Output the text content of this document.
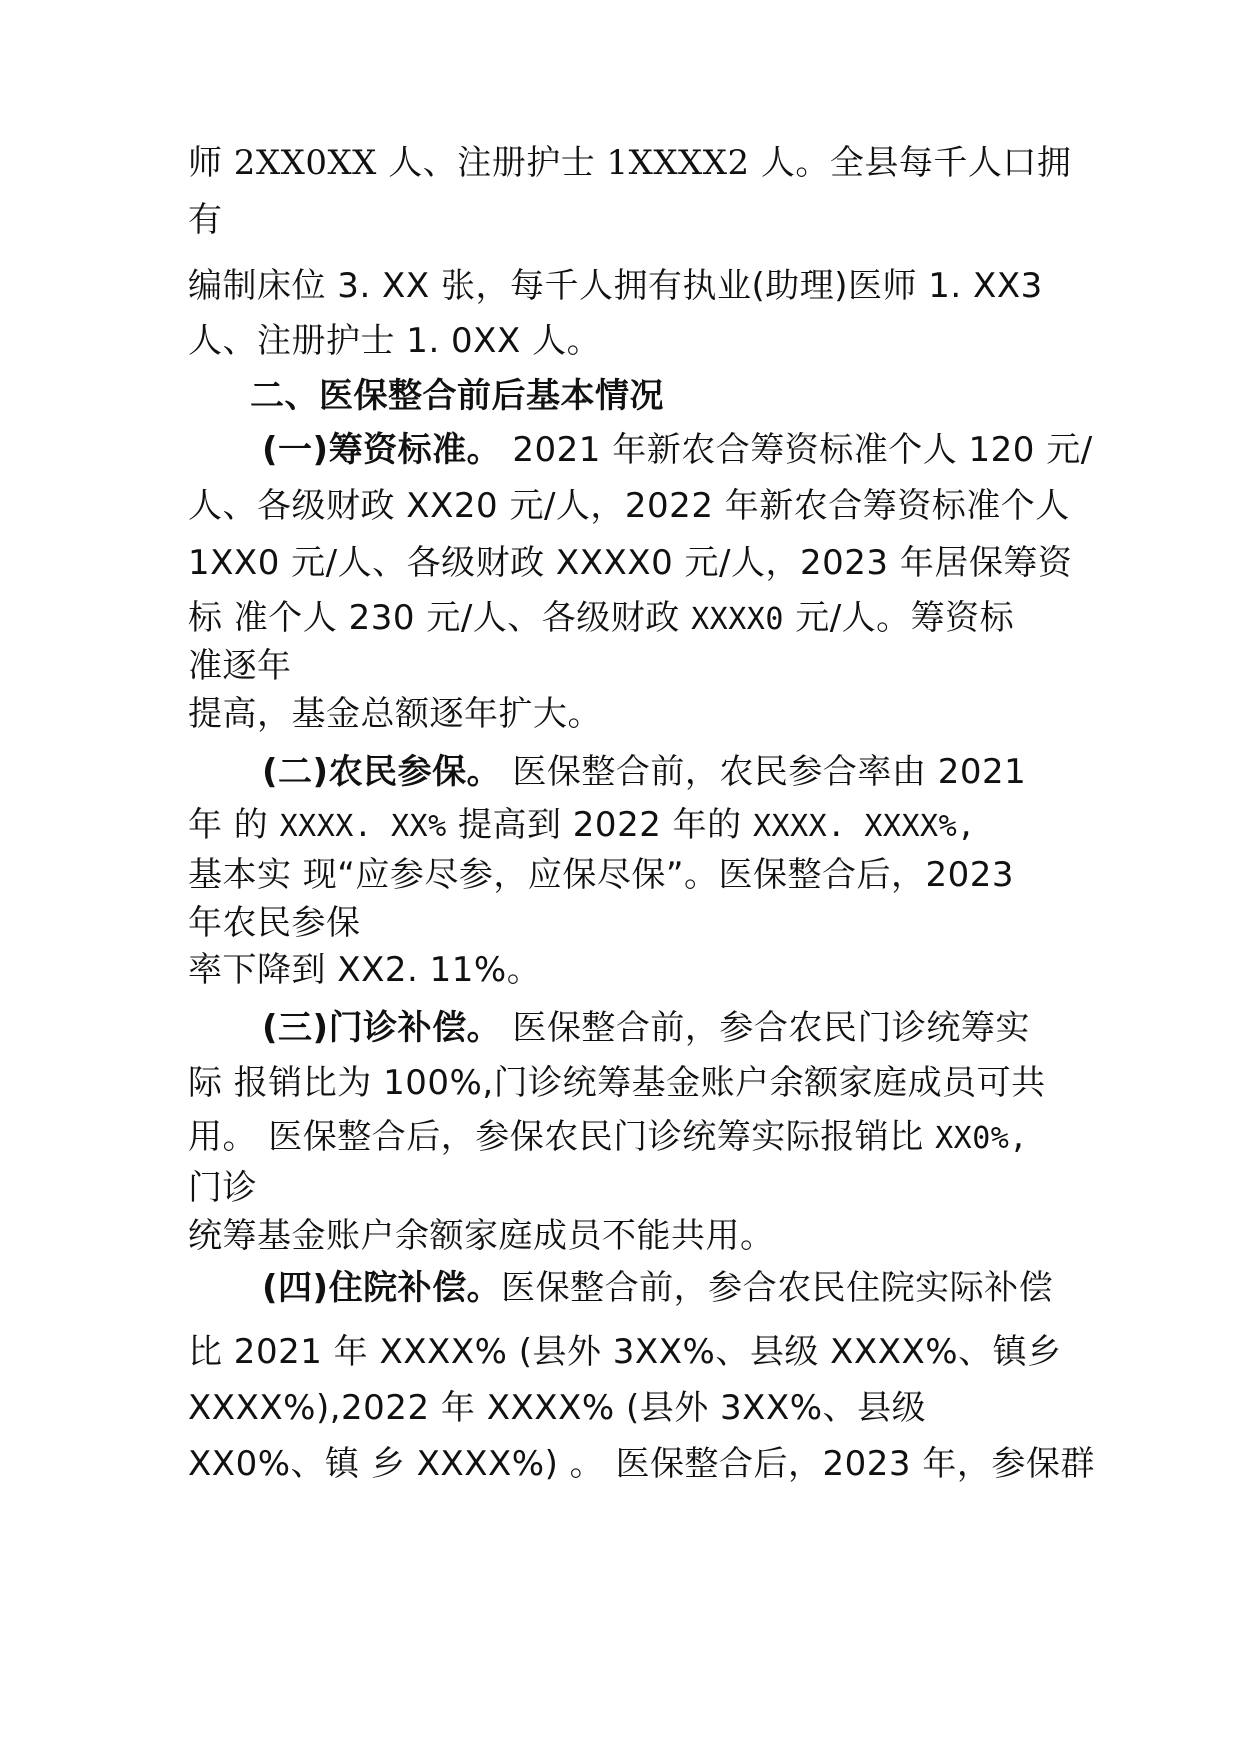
师 2XX0XX 人、注册护士 1XXXX2 人。全县每千人口拥
有
编制床位 3. XX 张，每千人拥有执业(助理)医师 1. XX3
人、注册护士 1. 0XX 人。
二、医保整合前后基本情况
(一)筹资标准。 2021 年新农合筹资标准个人 120 元/
人、各级财政 XX20 元/人，2022 年新农合筹资标准个人
1XX0 元/人、各级财政 XXXX0 元/人，2023 年居保筹资
标 准个人 230 元/人、各级财政 XXXX0 元/人。筹资标
准逐年
提高，基金总额逐年扩大。
(二)农民参保。 医保整合前，农民参合率由 2021
年 的 XXXX. XX% 提高到 2022 年的 XXXX. XXXX%,
基本实 现“应参尽参，应保尽保”。医保整合后，2023
年农民参保
率下降到 XX2. 11%。
(三)门诊补偿。 医保整合前，参合农民门诊统筹实
际 报销比为 100%,门诊统筹基金账户余额家庭成员可共
用。 医保整合后，参保农民门诊统筹实际报销比 XX0%,
门诊
统筹基金账户余额家庭成员不能共用。
(四)住院补偿。医保整合前，参合农民住院实际补偿
比 2021 年 XXXX% (县外 3XX%、县级 XXXX%、镇乡
XXXX%),2022 年 XXXX% (县外 3XX%、县级
XX0%、镇 乡 XXXX%) 。 医保整合后，2023 年，参保群
